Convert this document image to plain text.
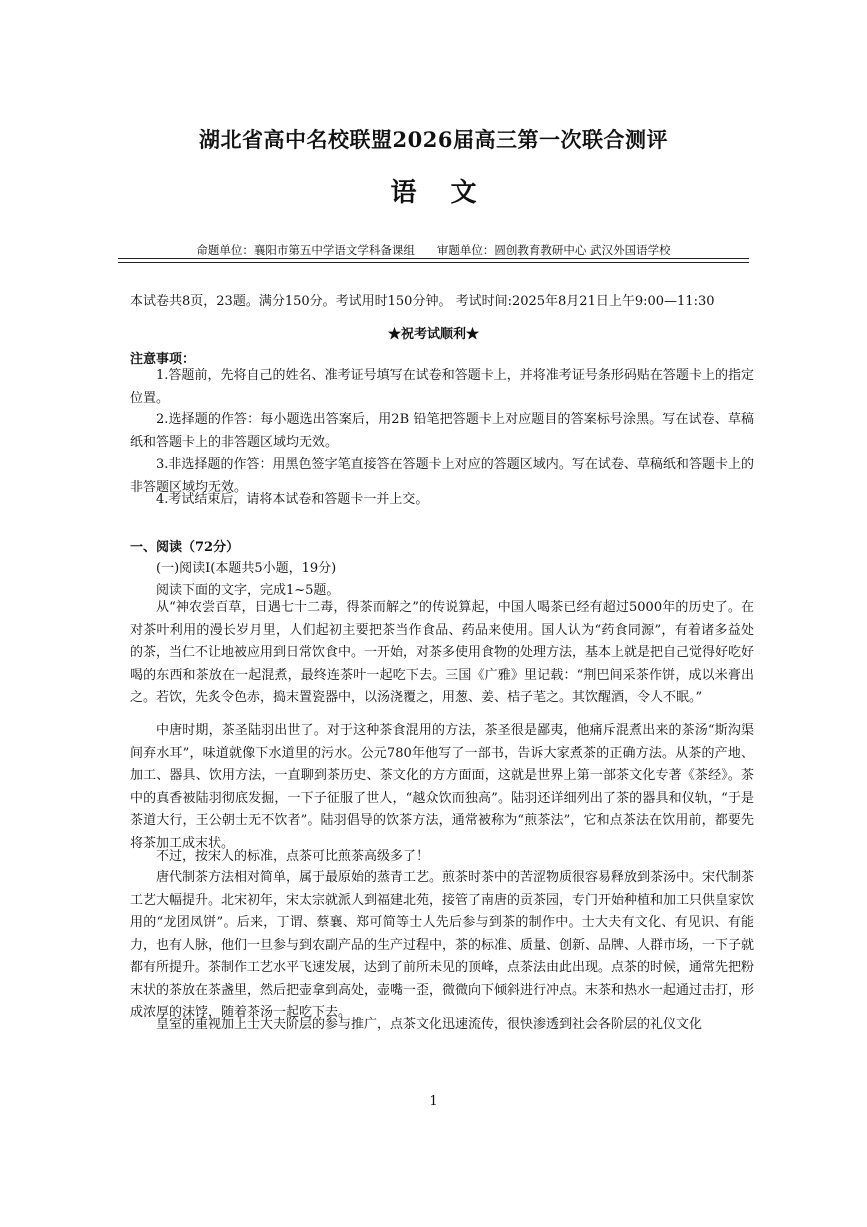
湖北省高中名校联盟2026届高三第一次联合测评
语文
命题单位：襄阳市第五中学语文学科备课组 审题单位：圆创教育教研中心 武汉外国语学校
本试卷共8页，23题。满分150分。考试用时150分钟。 考试时间:2025年8月21日上午9:00—11:30
★祝考试顺利★
注意事项：

1.答题前，先将自己的姓名、准考证号填写在试卷和答题卡上，并将准考证号条形码贴在答题卡上的指定位置。

2.选择题的作答：每小题选出答案后，用2B 铅笔把答题卡上对应题目的答案标号涂黑。写在试卷、草稿纸和答题卡上的非答题区域均无效。

3.非选择题的作答：用黑色签字笔直接答在答题卡上对应的答题区域内。写在试卷、草稿纸和答题卡上的非答题区域均无效。

4.考试结束后，请将本试卷和答题卡一并上交。

一、阅读（72分）
(一)阅读Ⅰ(本题共5小题，19分)
阅读下面的文字，完成1~5题。

从“神农尝百草，日遇七十二毒，得茶而解之”的传说算起，中国人喝茶已经有超过5000年的历史了。在对茶叶利用的漫长岁月里，人们起初主要把茶当作食品、药品来使用。国人认为“药食同源”，有着诸多益处的茶，当仁不让地被应用到日常饮食中。一开始，对茶多使用食物的处理方法，基本上就是把自己觉得好吃好喝的东西和茶放在一起混煮，最终连茶叶一起吃下去。三国《广雅》里记载：“荆巴间采茶作饼，成以米膏出之。若饮，先炙令色赤，捣末置瓷器中，以汤浇覆之，用葱、姜、桔子芼之。其饮醒酒，令人不眠。”

中唐时期，茶圣陆羽出世了。对于这种茶食混用的方法，茶圣很是鄙夷，他痛斥混煮出来的茶汤“斯沟渠间弃水耳”，味道就像下水道里的污水。公元780年他写了一部书，告诉大家煮茶的正确方法。从茶的产地、加工、器具、饮用方法，一直聊到茶历史、茶文化的方方面面，这就是世界上第一部茶文化专著《茶经》。茶中的真香被陆羽彻底发掘，一下子征服了世人，“越众饮而独高”。陆羽还详细列出了茶的器具和仪轨，“于是茶道大行，王公朝士无不饮者”。陆羽倡导的饮茶方法，通常被称为“煎茶法”，它和点茶法在饮用前，都要先将茶加工成末状。

不过，按宋人的标准，点茶可比煎茶高级多了！

唐代制茶方法相对简单，属于最原始的蒸青工艺。煎茶时茶中的苦涩物质很容易释放到茶汤中。宋代制茶工艺大幅提升。北宋初年，宋太宗就派人到福建北苑，接管了南唐的贡茶园，专门开始种植和加工只供皇家饮用的“龙团凤饼”。后来，丁谓、蔡襄、郑可简等士人先后参与到茶的制作中。士大夫有文化、有见识、有能力，也有人脉，他们一旦参与到农副产品的生产过程中，茶的标准、质量、创新、品牌、人群市场，一下子就都有所提升。茶制作工艺水平飞速发展，达到了前所未见的顶峰，点茶法由此出现。点茶的时候，通常先把粉末状的茶放在茶盏里，然后把壶拿到高处，壶嘴一歪，微微向下倾斜进行冲点。末茶和热水一起通过击打，形成浓厚的沫饽，随着茶汤一起吃下去。

皇室的重视加上士大夫阶层的参与推广，点茶文化迅速流传，很快渗透到社会各阶层的礼仪文化

1
